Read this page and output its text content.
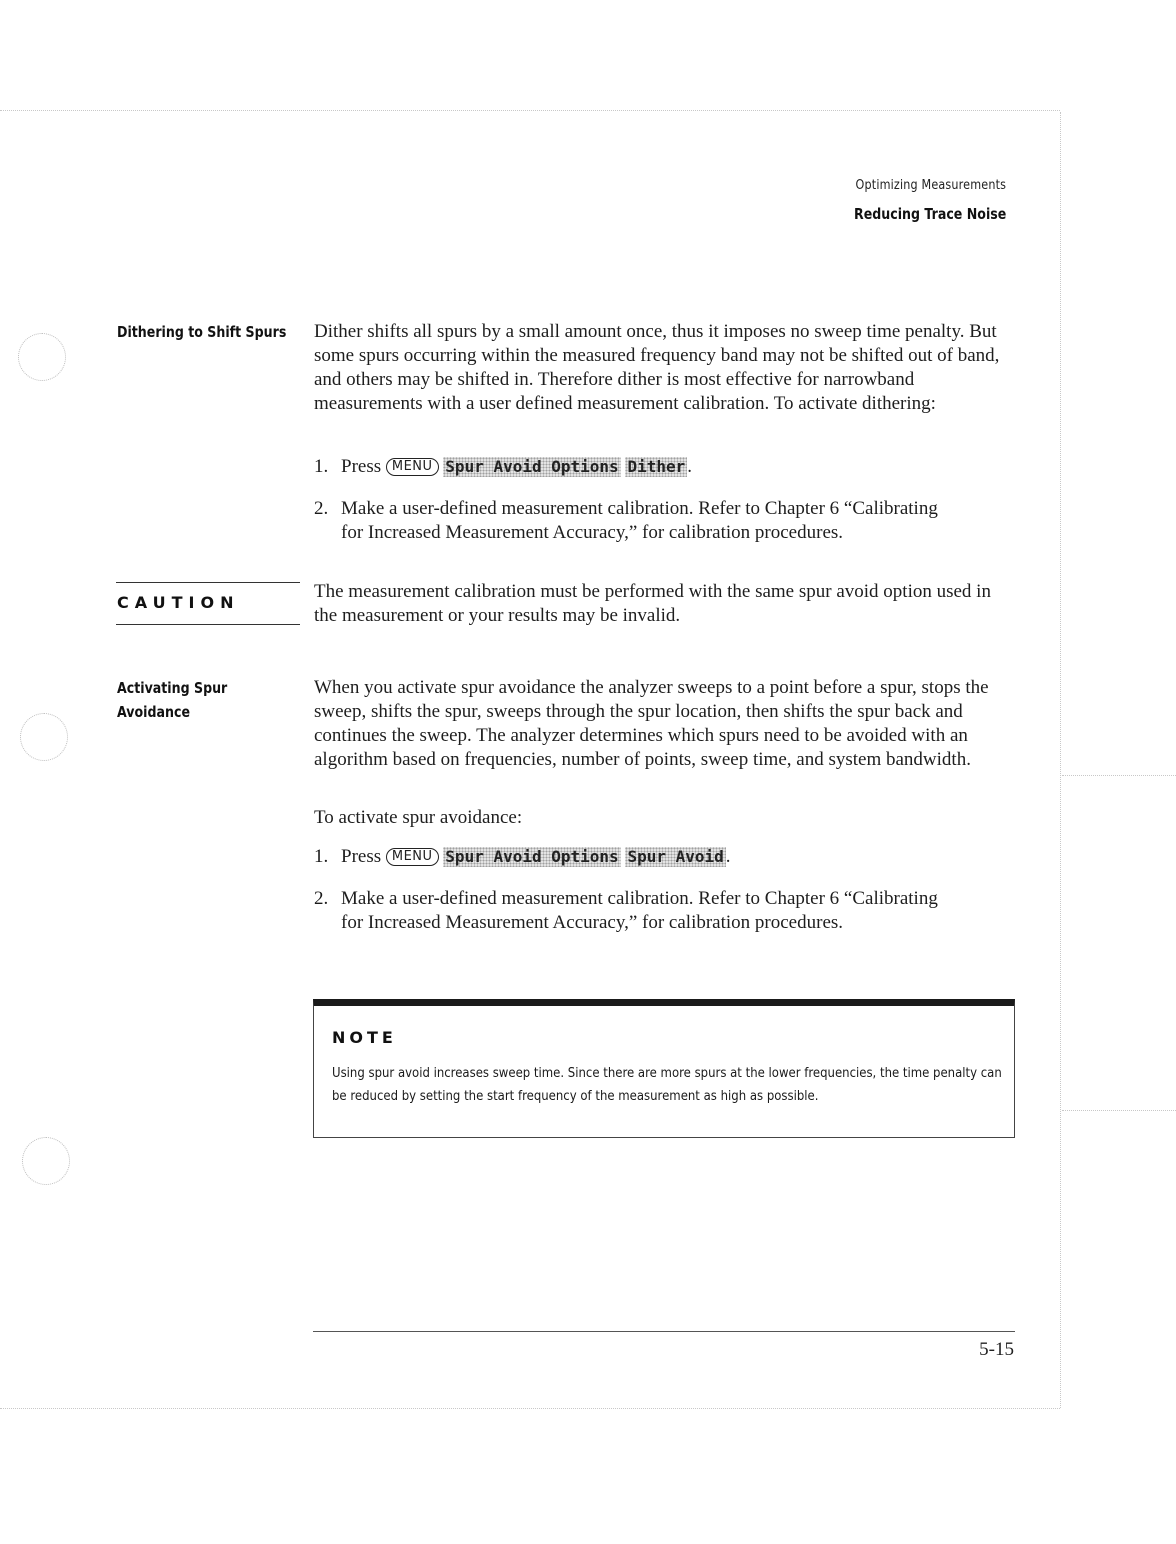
Optimizing Measurements
Reducing Trace Noise
Dithering to Shift Spurs Dither shifts all spurs by a small amount once, thus it imposes no sweep time penalty. But some spurs occurring within the measured frequency band may not be shifted out of band, and others may be shifted in. Therefore dither is most effective for narrowband measurements with a user defined measurement calibration. To activate dithering:
1. Press MENU Spur Avoid Options Dither .
2. Make a user-defined measurement calibration. Refer to Chapter 6 “Calibrating for Increased Measurement Accuracy,” for calibration procedures.
CAUTION
The measurement calibration must be performed with the same spur avoid option used in the measurement or your results may be invalid.
Activating Spur
Avoidance
When you activate spur avoidance the analyzer sweeps to a point before a spur, stops the sweep, shifts the spur, sweeps through the spur location, then shifts the spur back and continues the sweep. The analyzer determines which spurs need to be avoided with an algorithm based on frequencies, number of points, sweep time, and system bandwidth.
To activate spur avoidance:
1. Press MENU Spur Avoid Options Spur Avoid .
2. Make a user-defined measurement calibration. Refer to Chapter 6 “Calibrating for Increased Measurement Accuracy,” for calibration procedures.
NOTE
Using spur avoid increases sweep time. Since there are more spurs at the lower frequencies, the time penalty can be reduced by setting the start frequency of the measurement as high as possible.
5-15
